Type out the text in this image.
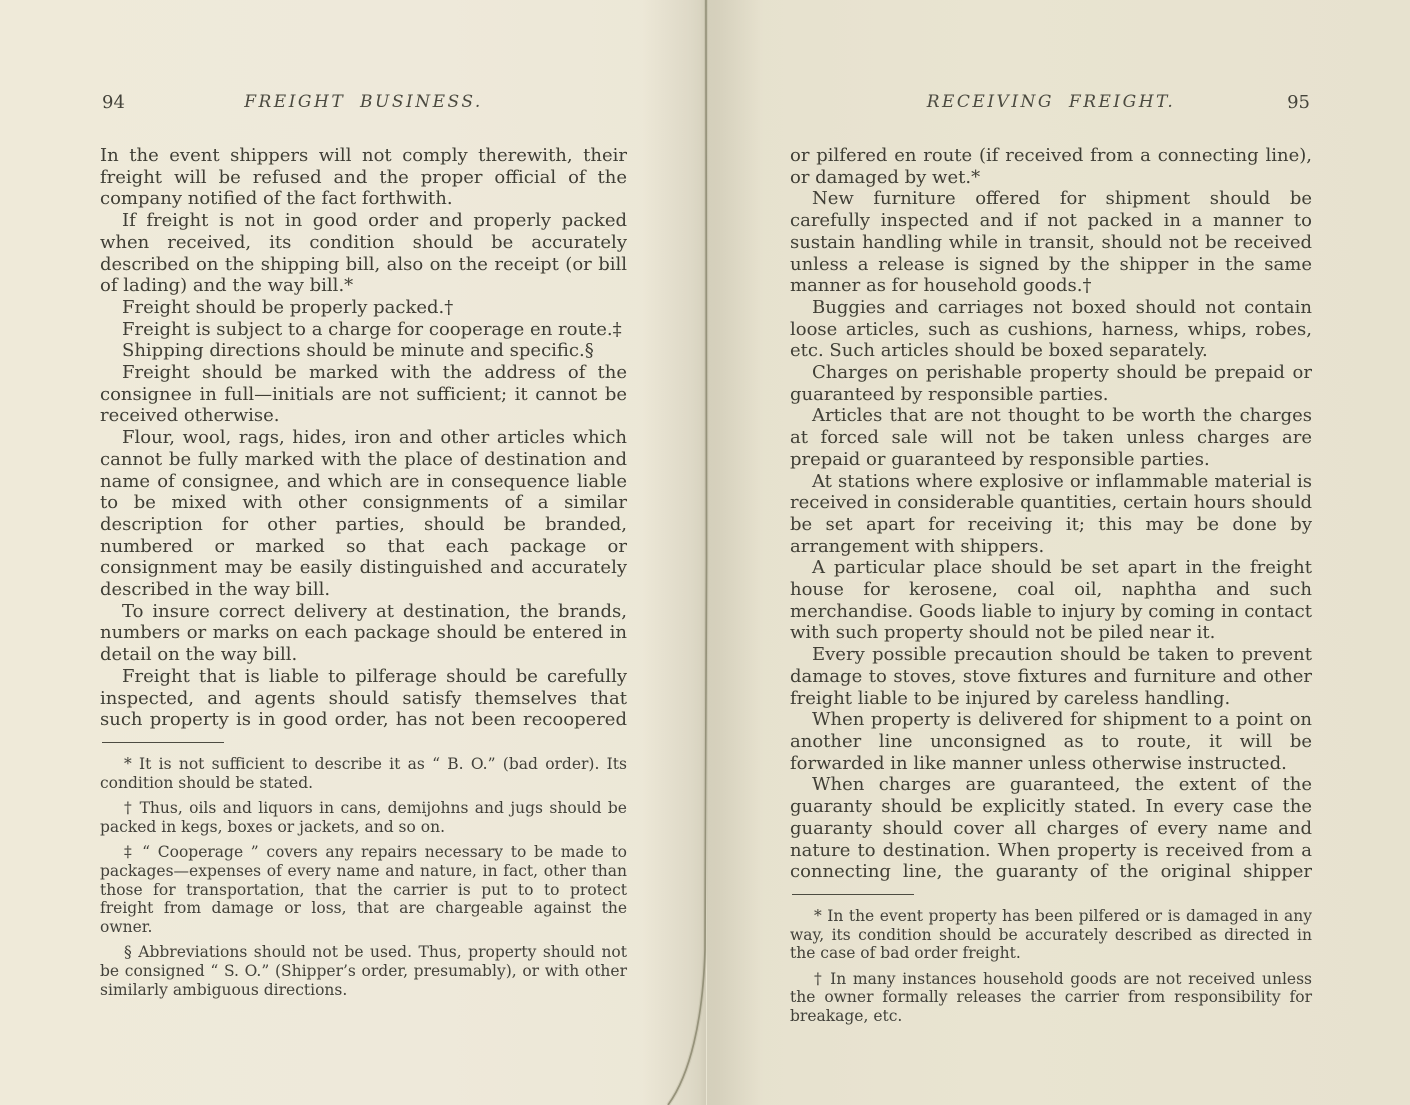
94	FREIGHT BUSINESS.

In the event shippers will not comply therewith, their freight will be refused and the proper official of the company notified of the fact forthwith.

If freight is not in good order and properly packed when received, its condition should be accurately described on the shipping bill, also on the receipt (or bill of lading) and the way bill.*

Freight should be properly packed.†

Freight is subject to a charge for cooperage en route.‡

Shipping directions should be minute and specific.§

Freight should be marked with the address of the consignee in full—initials are not sufficient; it cannot be received otherwise.

Flour, wool, rags, hides, iron and other articles which cannot be fully marked with the place of destination and name of consignee, and which are in consequence liable to be mixed with other consignments of a similar description for other parties, should be branded, numbered or marked so that each package or consignment may be easily distinguished and accurately described in the way bill.

To insure correct delivery at destination, the brands, numbers or marks on each package should be entered in detail on the way bill.

Freight that is liable to pilferage should be carefully inspected, and agents should satisfy themselves that such property is in good order, has not been recoopered

* It is not sufficient to describe it as “ B. O.” (bad order). Its condition should be stated.

† Thus, oils and liquors in cans, demijohns and jugs should be packed in kegs, boxes or jackets, and so on.

‡ “ Cooperage ” covers any repairs necessary to be made to packages—expenses of every name and nature, in fact, other than those for transportation, that the carrier is put to to protect freight from damage or loss, that are chargeable against the owner.

§ Abbreviations should not be used. Thus, property should not be consigned “ S. O.” (Shipper’s order, presumably), or with other similarly ambiguous directions.

RECEIVING FREIGHT.	95

or pilfered en route (if received from a connecting line), or damaged by wet.*

New furniture offered for shipment should be carefully inspected and if not packed in a manner to sustain handling while in transit, should not be received unless a release is signed by the shipper in the same manner as for household goods.†

Buggies and carriages not boxed should not contain loose articles, such as cushions, harness, whips, robes, etc. Such articles should be boxed separately.

Charges on perishable property should be prepaid or guaranteed by responsible parties.

Articles that are not thought to be worth the charges at forced sale will not be taken unless charges are prepaid or guaranteed by responsible parties.

At stations where explosive or inflammable material is received in considerable quantities, certain hours should be set apart for receiving it; this may be done by arrangement with shippers.

A particular place should be set apart in the freight house for kerosene, coal oil, naphtha and such merchandise. Goods liable to injury by coming in contact with such property should not be piled near it.

Every possible precaution should be taken to prevent damage to stoves, stove fixtures and furniture and other freight liable to be injured by careless handling.

When property is delivered for shipment to a point on another line unconsigned as to route, it will be forwarded in like manner unless otherwise instructed.

When charges are guaranteed, the extent of the guaranty should be explicitly stated. In every case the guaranty should cover all charges of every name and nature to destination. When property is received from a connecting line, the guaranty of the original shipper

* In the event property has been pilfered or is damaged in any way, its condition should be accurately described as directed in the case of bad order freight.

† In many instances household goods are not received unless the owner formally releases the carrier from responsibility for breakage, etc.
